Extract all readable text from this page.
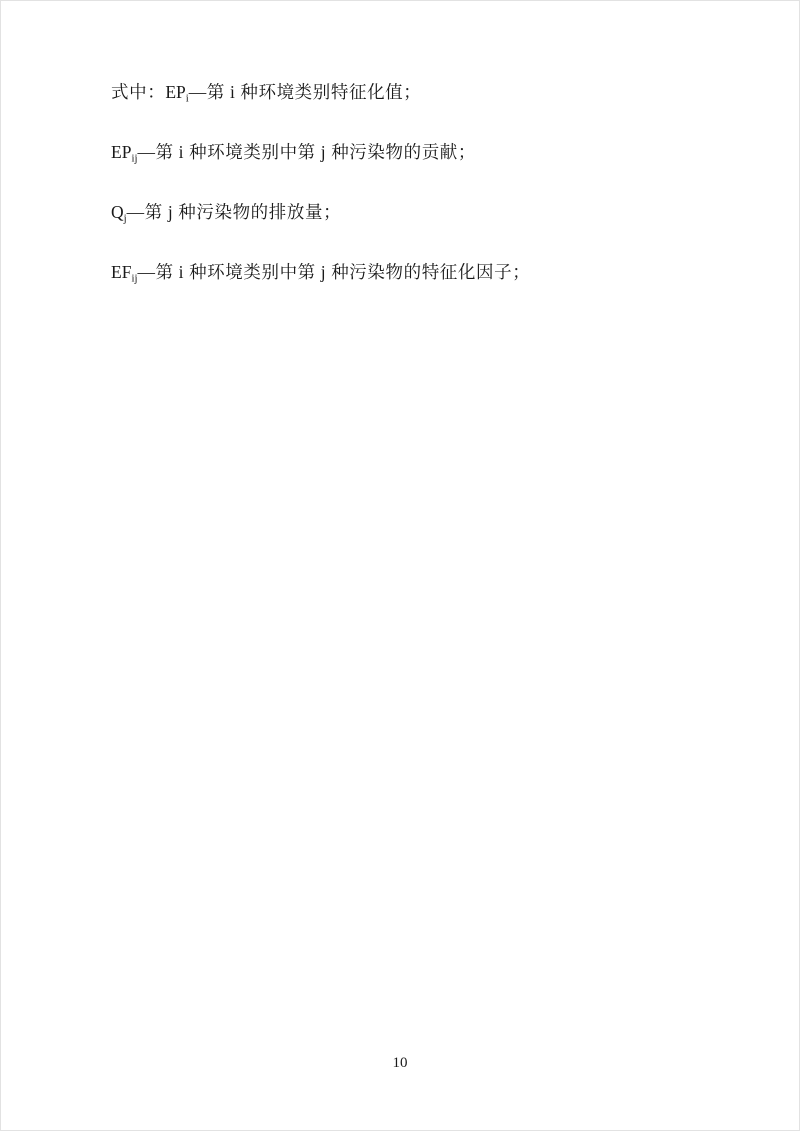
式中：$EP_i—$第 i 种环境类别特征化值；

$EP_{ij}—$第 i 种环境类别中第 j 种污染物的贡献；

$Q_j—$第 j 种污染物的排放量；

$EF_{ij}—$第 i 种环境类别中第 j 种污染物的特征化因子；

10
